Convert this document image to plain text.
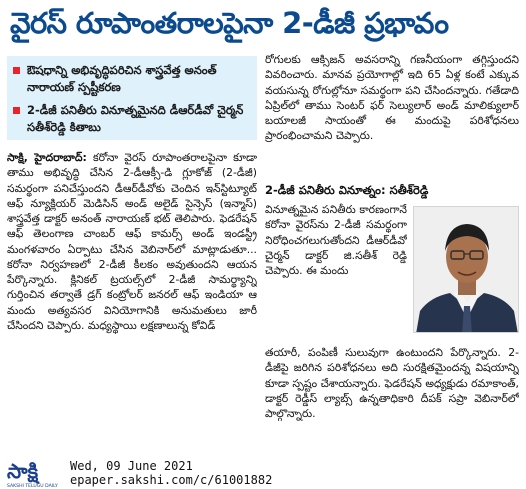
వైరస్ రూపాంతరాలపైనా 2-డీజీ ప్రభావం
ఔషధాన్ని అభివృద్ధిపరిచిన శాస్త్రవేత్త అనంత్ నారాయణ్ స్పష్టీకరణ
2-డీజీ పనితీరు వినూత్నమైనది డీఆర్‌డీవో చైర్మన్ సతీశ్‌రెడ్డి కితాబు
సాక్షి, హైదరాబాద్: కరోనా వైరస్ రూపాంతరాలపైనా కూడా తాము అభివృద్ధి చేసిన 2-డీఆక్సీ-డి గ్లూకోజ్ (2-డీజీ) సమర్థంగా పనిచేస్తుందని డీఆర్‌డీవోకు చెందిన ఇన్‌స్టిట్యూట్ ఆఫ్ న్యూక్లియర్ మెడిసిన్ అండ్ అలైడ్ సైన్సెస్ (ఇన్మాస్) శాస్త్రవేత్త డాక్టర్ అనంత్ నారాయణ్ భట్ తెలిపారు. ఫెడరేషన్ ఆఫ్ తెలంగాణ చాంబర్ ఆఫ్ కామర్స్ అండ్ ఇండస్ట్రీ మంగళవారం ఏర్పాటు చేసిన వెబినార్‌లో మాట్లాడుతూ... కరోనా నిర్వహణలో 2-డీజీ కీలకం అవుతుందని ఆయన పేర్కొన్నారు. క్లినికల్ ట్రయల్స్‌లో 2-డీజీ సామర్థ్యాన్ని గుర్తించిన తర్వాతే డ్రగ్ కంట్రోలర్ జనరల్ ఆఫ్ ఇండియా ఆ మందు అత్యవసర వినియోగానికి అనుమతులు జారీ చేసిందని చెప్పారు. మధ్యస్థాయి లక్షణాలున్న కోవిడ్
రోగులకు ఆక్సిజన్ అవసరాన్ని గణనీయంగా తగ్గిస్తుందని వివరించారు. మానవ ప్రయోగాల్లో ఇది 65 ఏళ్ల కంటే ఎక్కువ వయసున్న రోగుల్లోనూ సమర్థంగా పని చేసిందన్నారు. గతేడాది ఏప్రిల్‌లో తాము సెంటర్ ఫర్ సెల్యులార్ అండ్ మాలిక్యులార్ బయాలజీ సాయంతో ఈ మందుపై పరిశోధనలు ప్రారంభించామని చెప్పారు.
2-డీజీ పనితీరు వినూత్నం: సతీశ్‌రెడ్డి
వినూత్నమైన పనితీరు కారణంగానే కరోనా వైరస్‌ను 2-డీజీ సమర్థంగా నిరోధించగలుగుతోందని డీఆర్‌డీవో చైర్మన్ డాక్టర్ జి.సతీశ్ రెడ్డి చెప్పారు. ఈ మందు
తయారీ, పంపిణీ సులువుగా ఉంటుందని పేర్కొన్నారు. 2-డీజీపై జరిగిన పరిశోధనలు అది సురక్షితమైందన్న విషయాన్ని కూడా స్పష్టం చేశాయన్నారు. ఫెడరేషన్ అధ్యక్షుడు రమాకాంత్, డాక్టర్ రెడ్డీస్ ల్యాబ్స్ ఉన్నతాధికారి దీపక్ సప్రా వెబినార్‌లో పాల్గొన్నారు.
సాక్షి
SAKSHI TELUGU DAILY
Wed, 09 June 2021
epaper.sakshi.com/c/61001882
